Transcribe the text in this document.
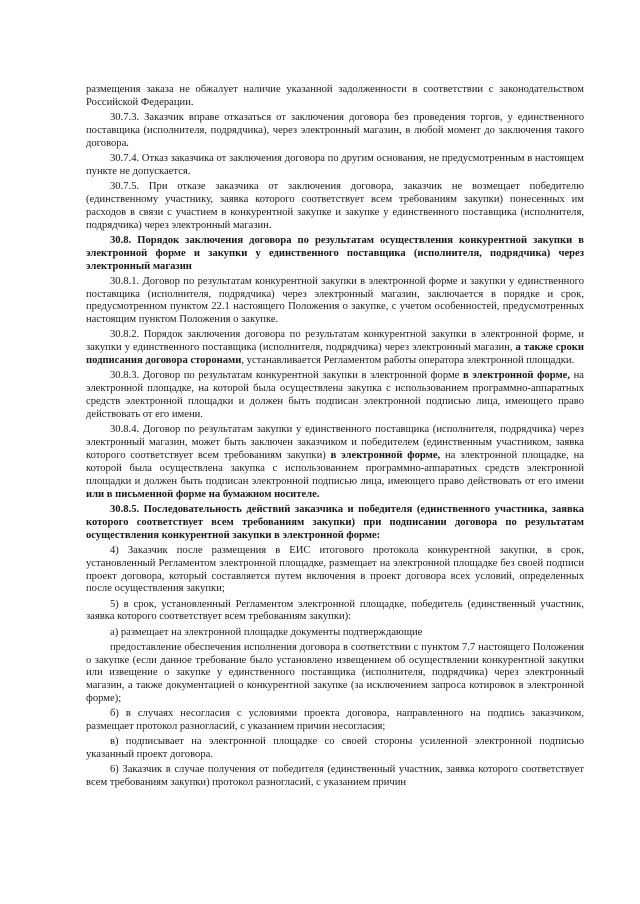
размещения заказа не обжалует наличие указанной задолженности в соответствии с законодательством Российской Федерации.

30.7.3. Заказчик вправе отказаться от заключения договора без проведения торгов, у единственного поставщика (исполнителя, подрядчика), через электронный магазин, в любой момент до заключения такого договора.

30.7.4. Отказ заказчика от заключения договора по другим основания, не предусмотренным в настоящем пункте не допускается.

30.7.5. При отказе заказчика от заключения договора, заказчик не возмещает победителю (единственному участнику, заявка которого соответствует всем требованиям закупки) понесенных им расходов в связи с участием в конкурентной закупке и закупке у единственного поставщика (исполнителя, подрядчика) через электронный магазин.

30.8. Порядок заключения договора по результатам осуществления конкурентной закупки в электронной форме и закупки у единственного поставщика (исполнителя, подрядчика) через электронный магазин

30.8.1. Договор по результатам конкурентной закупки в электронной форме и закупки у единственного поставщика (исполнителя, подрядчика) через электронный магазин, заключается в порядке и срок, предусмотренном пунктом 22.1 настоящего Положения о закупке, с учетом особенностей, предусмотренных настоящим пунктом Положения о закупке.

30.8.2. Порядок заключения договора по результатам конкурентной закупки в электронной форме, и закупки у единственного поставщика (исполнителя, подрядчика) через электронный магазин, а также сроки подписания договора сторонами, устанавливается Регламентом работы оператора электронной площадки.

30.8.3. Договор по результатам конкурентной закупки в электронной форме в электронной форме, на электронной площадке, на которой была осуществлена закупка с использованием программно-аппаратных средств электронной площадки и должен быть подписан электронной подписью лица, имеющего право действовать от его имени.

30.8.4. Договор по результатам закупки у единственного поставщика (исполнителя, подрядчика) через электронный магазин, может быть заключен заказчиком и победителем (единственным участником, заявка которого соответствует всем требованиям закупки) в электронной форме, на электронной площадке, на которой была осуществлена закупка с использованием программно-аппаратных средств электронной площадки и должен быть подписан электронной подписью лица, имеющего право действовать от его имени или в письменной форме на бумажном носителе.

30.8.5. Последовательность действий заказчика и победителя (единственного участника, заявка которого соответствует всем требованиям закупки) при подписании договора по результатам осуществления конкурентной закупки в электронной форме:

4) Заказчик после размещения в ЕИС итогового протокола конкурентной закупки, в срок, установленный Регламентом электронной площадке, размещает на электронной площадке без своей подписи проект договора, который составляется путем включения в проект договора всех условий, определенных после осуществления закупки;

5) в срок, установленный Регламентом электронной площадке, победитель (единственный участник, заявка которого соответствует всем требованиям закупки):

а) размещает на электронной площадке документы подтверждающие

предоставление обеспечения исполнения договора в соответствии с пунктом 7.7 настоящего Положения о закупке (если данное требование было установлено извещением об осуществлении конкурентной закупки или извещение о закупке у единственного поставщика (исполнителя, подрядчика) через электронный магазин, а также документацией о конкурентной закупке (за исключением запроса котировок в электронной форме);

б) в случаях несогласия с условиями проекта договора, направленного на подпись заказчиком, размещает протокол разногласий, с указанием причин несогласия;

в) подписывает на электронной площадке со своей стороны усиленной электронной подписью указанный проект договора.

6) Заказчик в случае получения от победителя (единственный участник, заявка которого соответствует всем требованиям закупки) протокол разногласий, с указанием причин
